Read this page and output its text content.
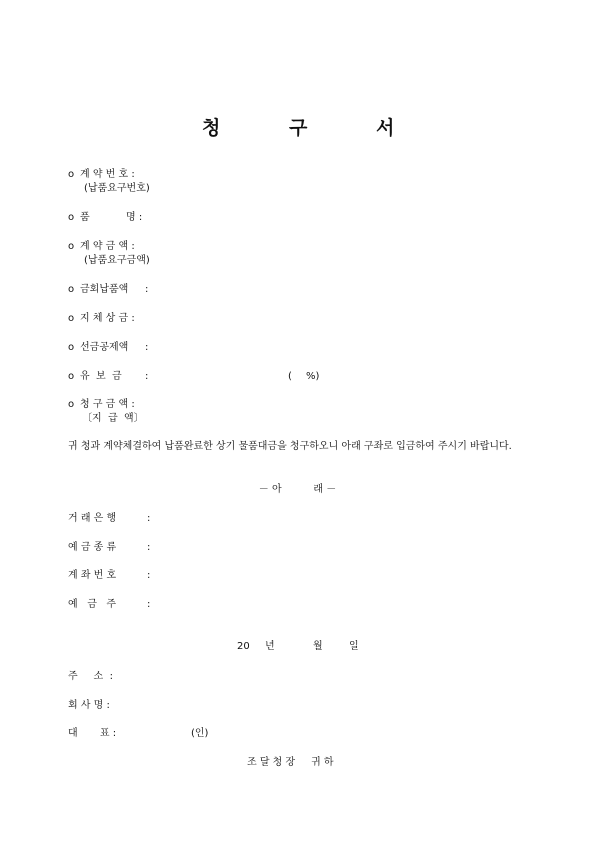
청	구	서
o 계 약 번 호 :
(납품요구번호)
o 품	명 :
o 계 약 금 액 :
(납품요구금액)
o 금회납품액 :
o 지 체 상 금 :
o 선금공제액 :
o 유  보  금 :	( %)
o 청 구 금 액 :
〔지  급  액〕
귀 청과 계약체결하여 납품완료한 상기 물품대금을 청구하오니 아래 구좌로 입금하여 주시기 바랍니다.
－ 아          래 －
거 래 은 행	:
예 금 종 류	:
계 좌 번 호	:
예   금   주	:
20 년	월	일
주     소  :
회 사 명 :
대       표 :	(인)
조 달 청 장     귀 하
